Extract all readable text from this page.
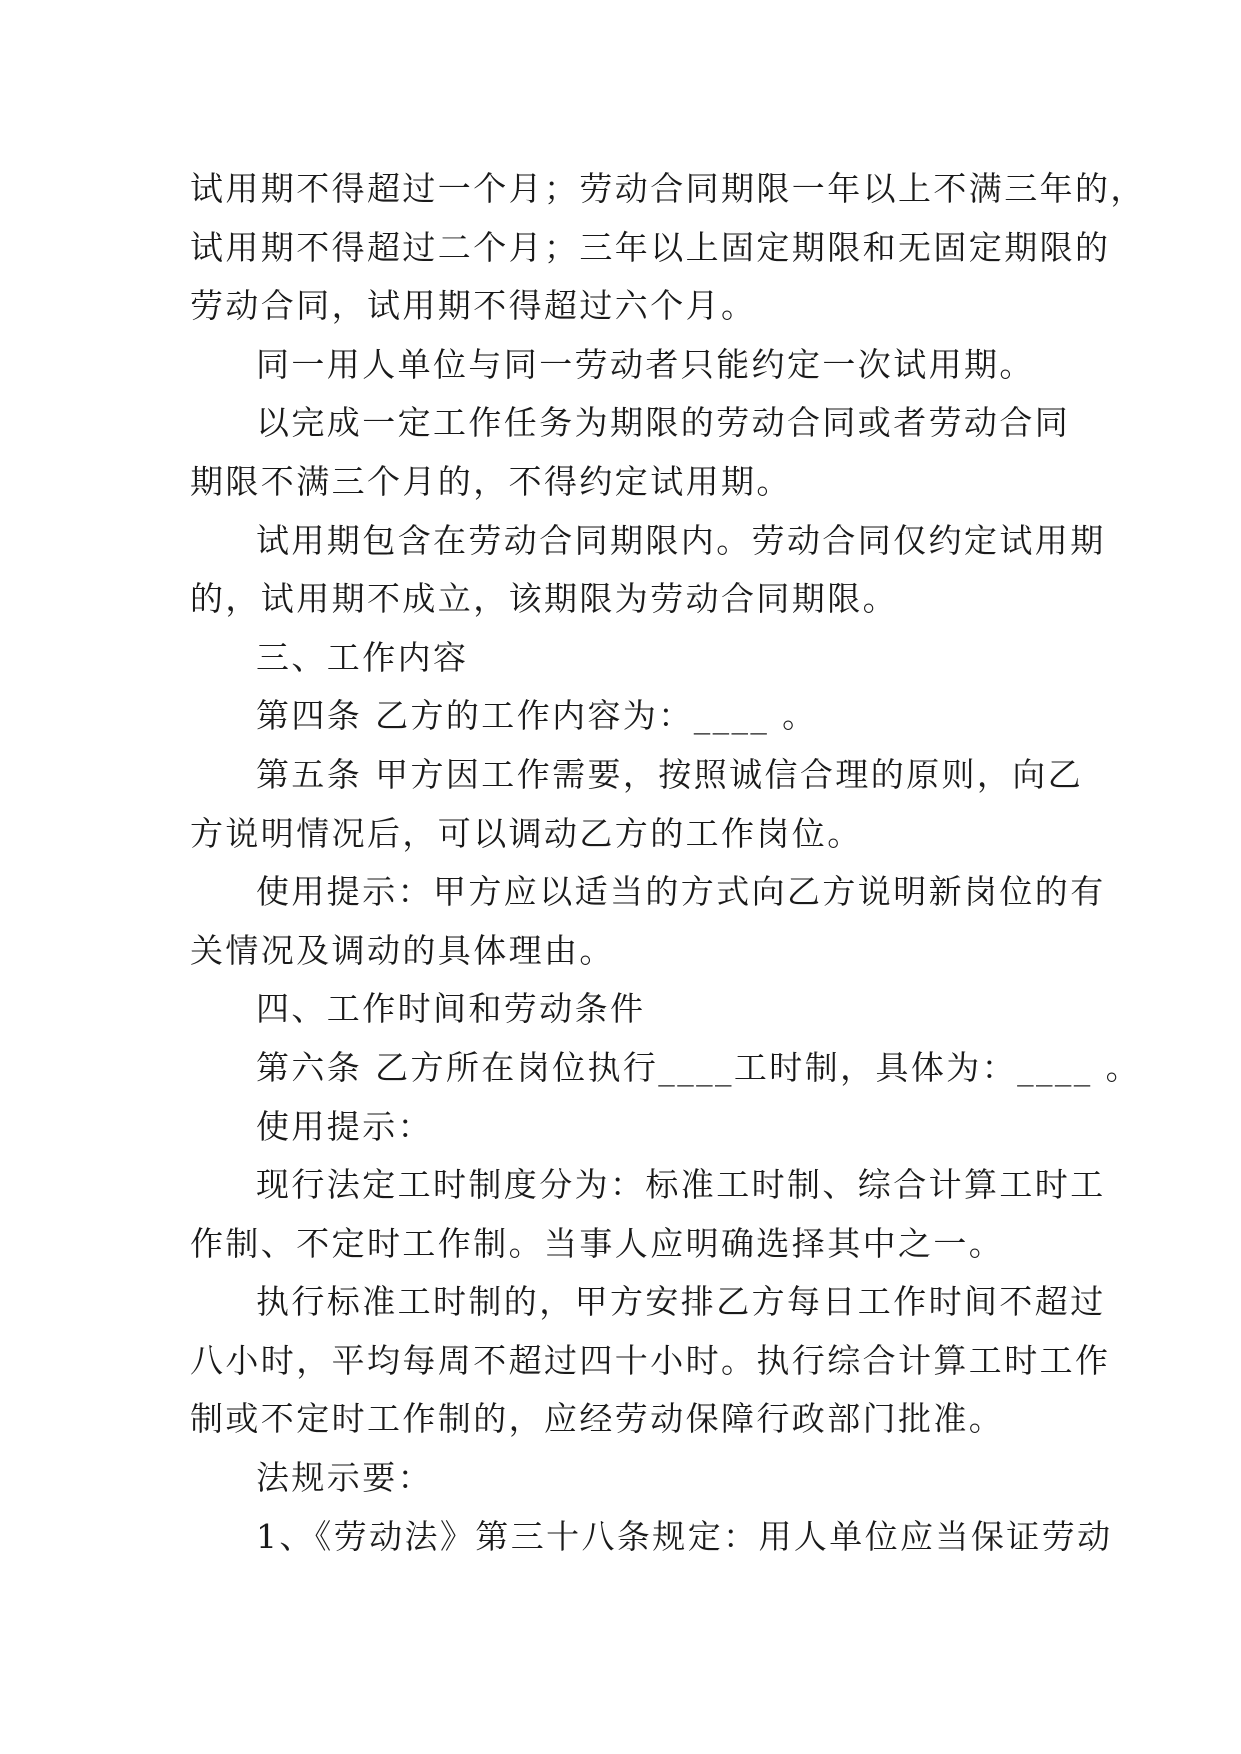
试用期不得超过一个月；劳动合同期限一年以上不满三年的，
试用期不得超过二个月；三年以上固定期限和无固定期限的
劳动合同，试用期不得超过六个月。
同一用人单位与同一劳动者只能约定一次试用期。
以完成一定工作任务为期限的劳动合同或者劳动合同
期限不满三个月的，不得约定试用期。
试用期包含在劳动合同期限内。劳动合同仅约定试用期
的，试用期不成立，该期限为劳动合同期限。
三、工作内容
第四条 乙方的工作内容为：____ 。
第五条 甲方因工作需要，按照诚信合理的原则，向乙
方说明情况后，可以调动乙方的工作岗位。
使用提示：甲方应以适当的方式向乙方说明新岗位的有
关情况及调动的具体理由。
四、工作时间和劳动条件
第六条 乙方所在岗位执行____工时制，具体为：____ 。
使用提示：
现行法定工时制度分为：标准工时制、综合计算工时工
作制、不定时工作制。当事人应明确选择其中之一。
执行标准工时制的，甲方安排乙方每日工作时间不超过
八小时，平均每周不超过四十小时。执行综合计算工时工作
制或不定时工作制的，应经劳动保障行政部门批准。
法规示要：
1、《劳动法》第三十八条规定：用人单位应当保证劳动
